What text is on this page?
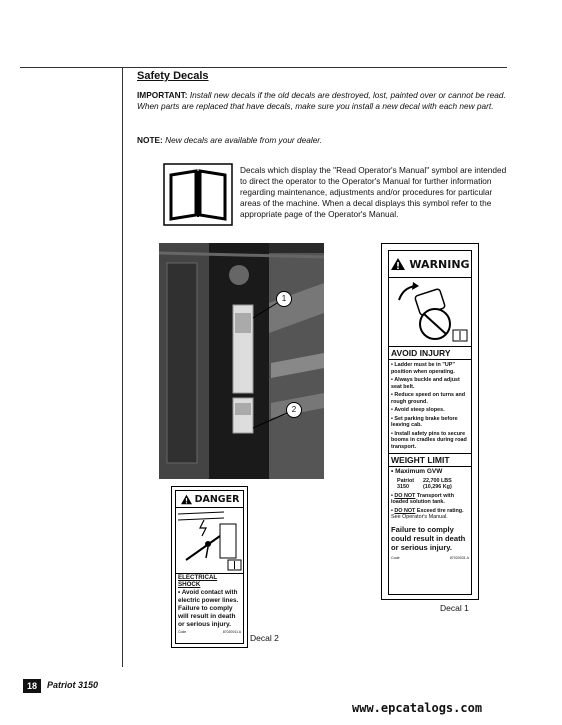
Safety Decals

IMPORTANT: Install new decals if the old decals are destroyed, lost, painted over or cannot be read. When parts are replaced that have decals, make sure you install a new decal with each new part.

NOTE: New decals are available from your dealer.

Decals which display the "Read Operator's Manual" symbol are intended to direct the operator to the Operator's Manual for further information regarding maintenance, adjustments and/or procedures for particular areas of the machine. When a decal displays this symbol refer to the appropriate page of the Operator's Manual.
1
2
WARNING
AVOID INJURY
• Ladder must be in "UP" position when operating.
• Always buckle and adjust seat belt.
• Reduce speed on turns and rough ground.
• Avoid steep slopes.
• Set parking brake before leaving cab.
• Install safety pins to secure booms in cradles during road transport.
WEIGHT LIMIT
• Maximum GVW
Patriot 3150
22,700 LBS
(10,296 Kg)
• DO NOT Transport with loaded solution tank.
• DO NOT Exceed tire rating.
See Operator's Manual.
Failure to comply could result in death or serious injury.
Code	87020031 A
Decal 1
DANGER
ELECTRICAL SHOCK
• Avoid contact with electric power lines.
Failure to comply will result in death or serious injury.
Code	87020041 A
Decal 2
18	Patriot 3150
www.epcatalogs.com
